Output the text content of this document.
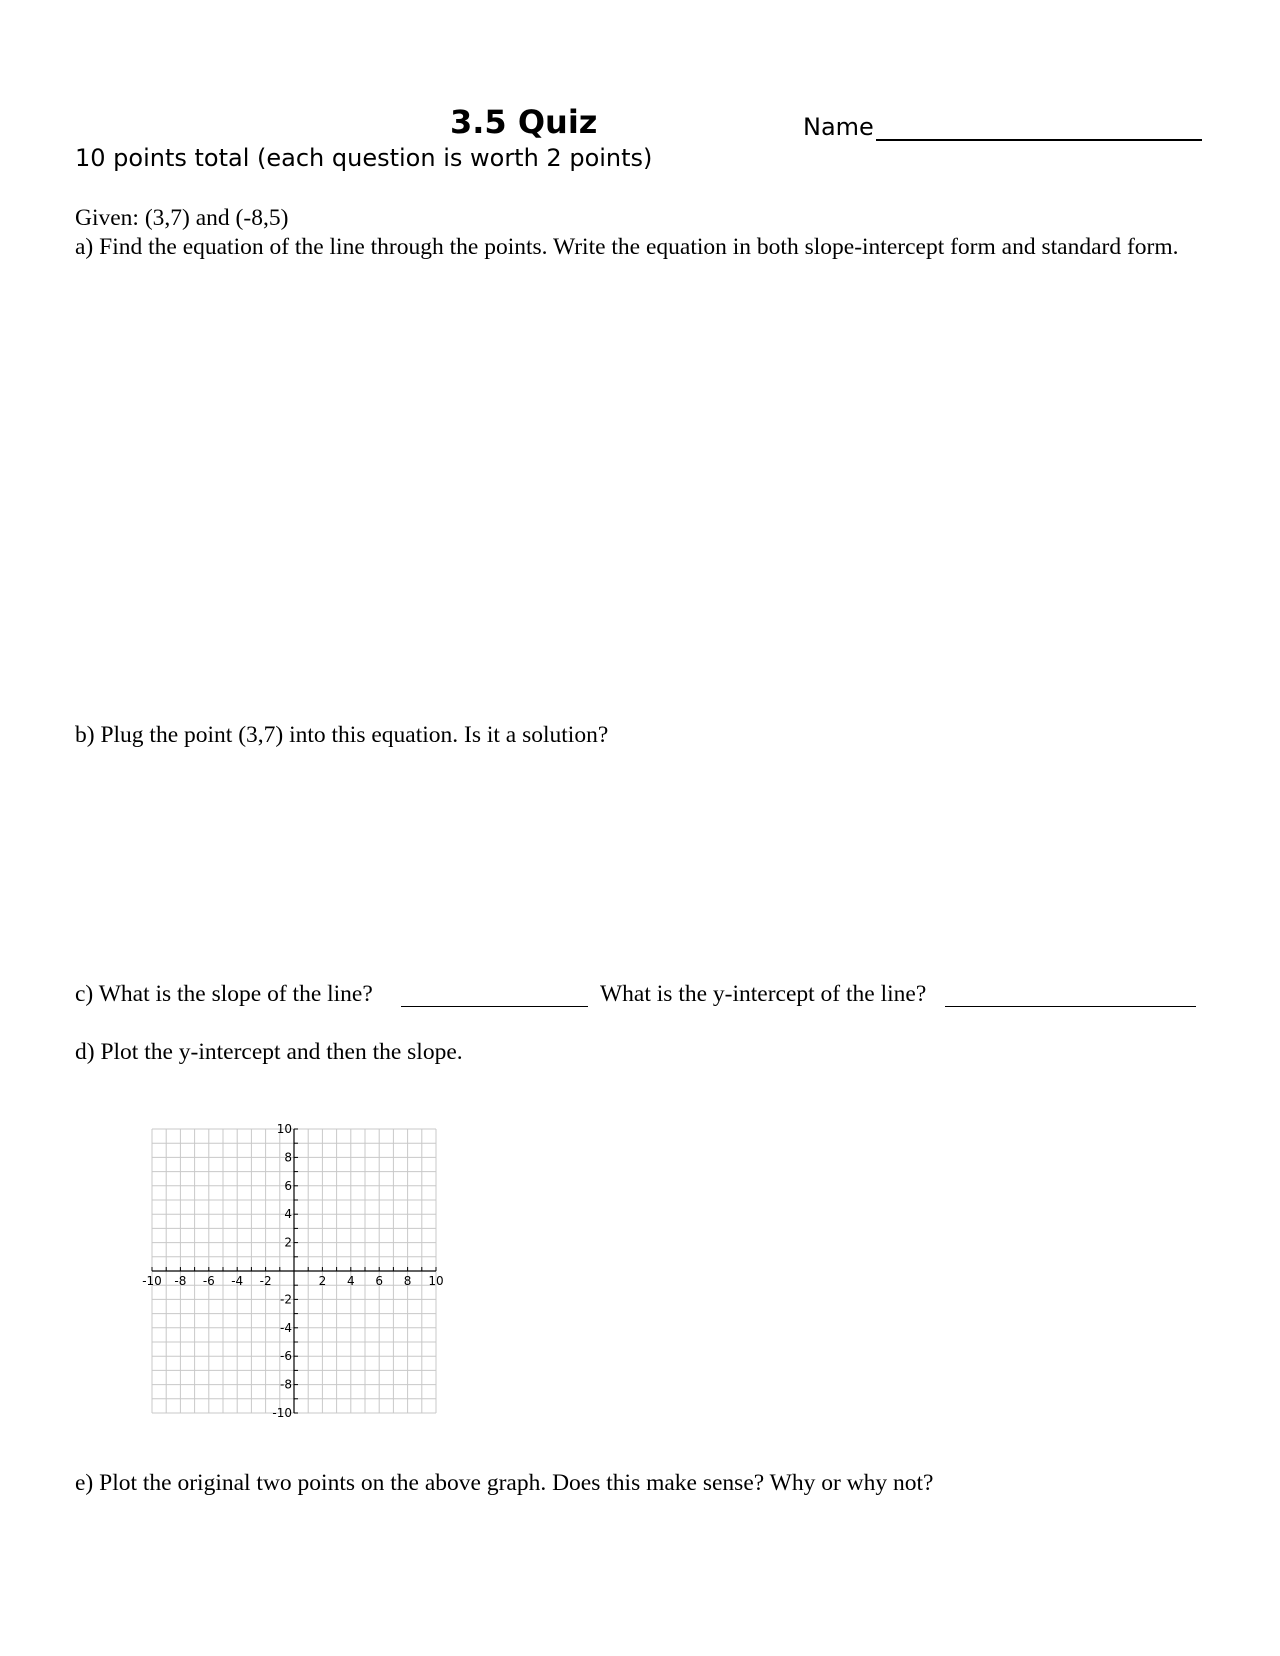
3.5 Quiz	Name
10 points total (each question is worth 2 points)
Given: (3,7) and (-8,5)
a) Find the equation of the line through the points. Write the equation in both slope-intercept form and standard form.
b) Plug the point (3,7) into this equation. Is it a solution?
c) What is the slope of the line?	What is the y-intercept of the line?
d) Plot the y-intercept and then the slope.
-10 -8 -6 -4 -2	2 4 6 8 10
10
8
6
4
2
-2
-4
-6
-8
-10
e) Plot the original two points on the above graph. Does this make sense? Why or why not?
